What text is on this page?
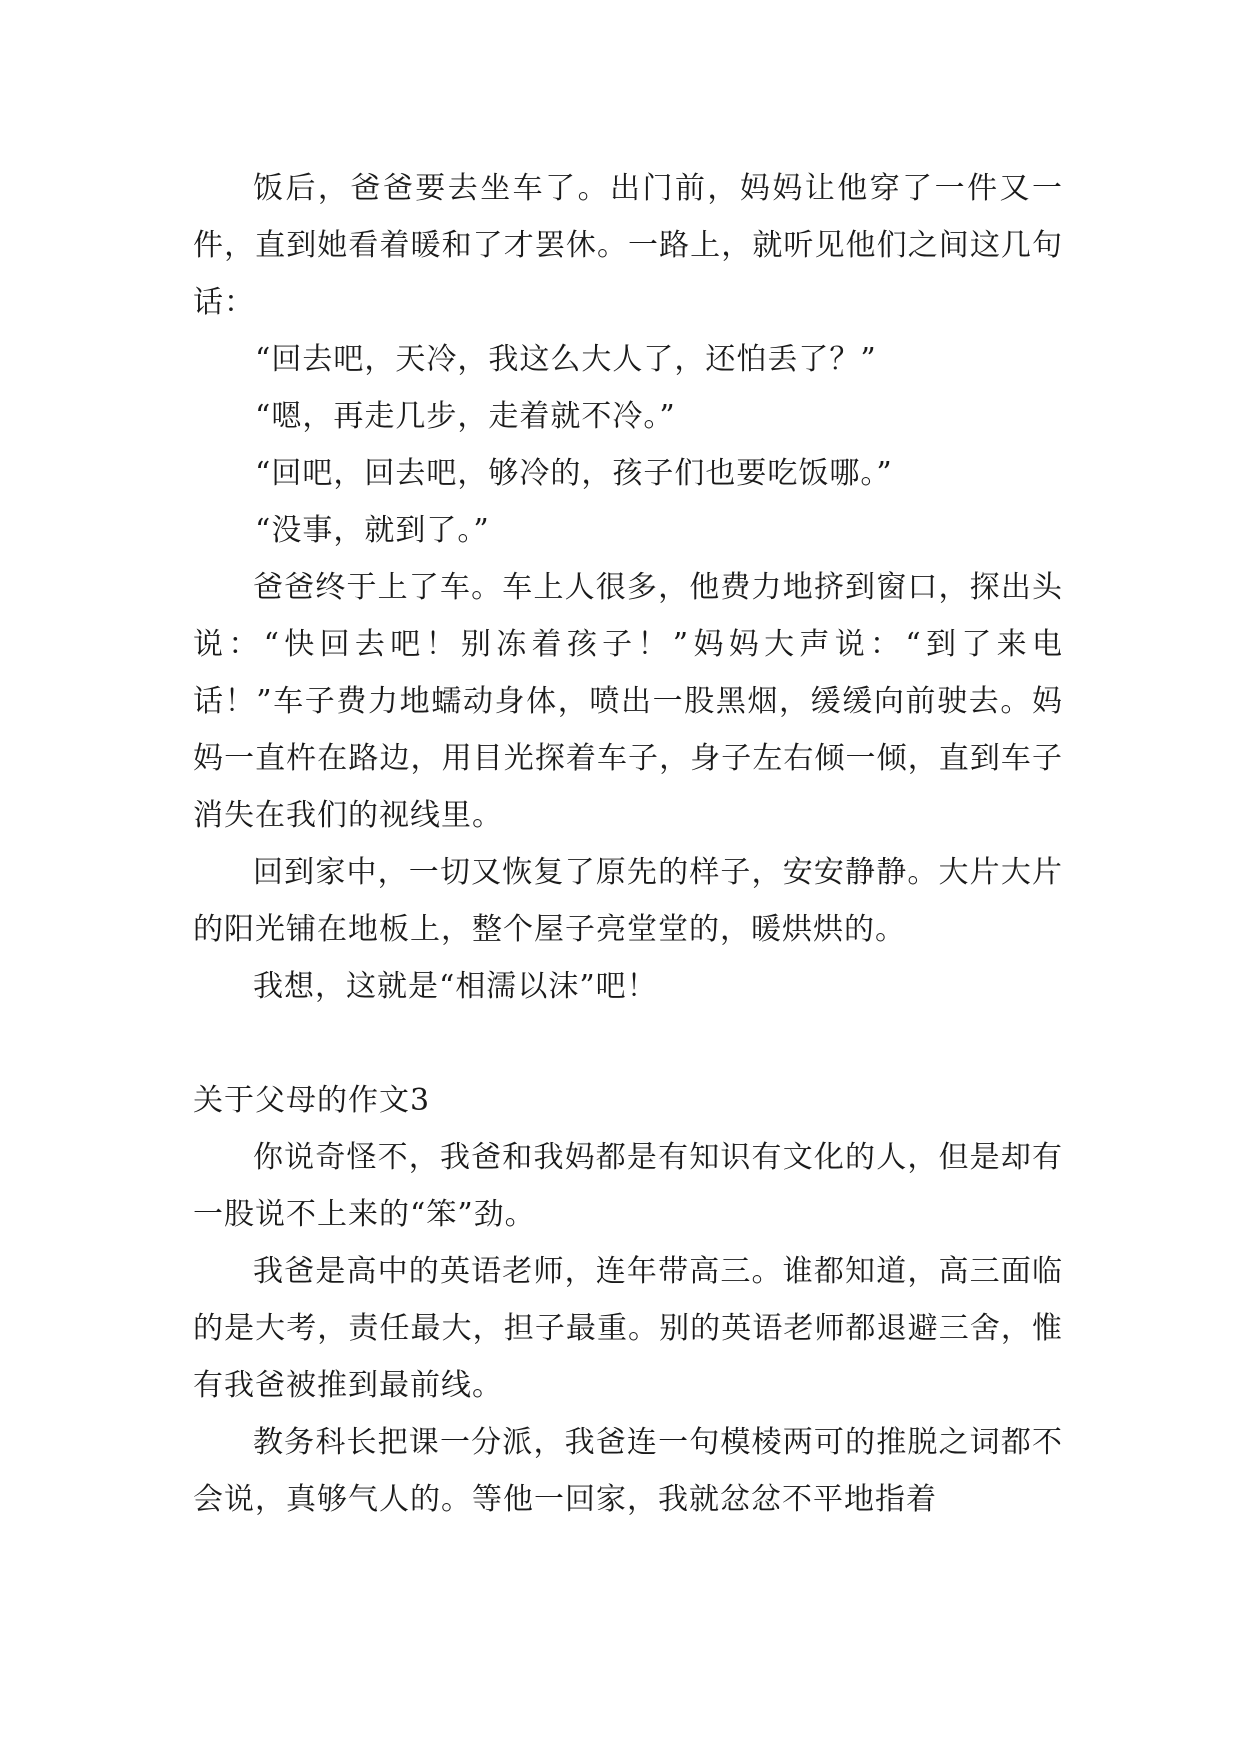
饭后，爸爸要去坐车了。出门前，妈妈让他穿了一件又一件，直到她看着暖和了才罢休。一路上，就听见他们之间这几句话：

“回去吧，天冷，我这么大人了，还怕丢了？”

“嗯，再走几步，走着就不冷。”

“回吧，回去吧，够冷的，孩子们也要吃饭哪。”

“没事，就到了。”

爸爸终于上了车。车上人很多，他费力地挤到窗口，探出头说：“快回去吧！别冻着孩子！”妈妈大声说：“到了来电话！”车子费力地蠕动身体，喷出一股黑烟，缓缓向前驶去。妈妈一直杵在路边，用目光探着车子，身子左右倾一倾，直到车子消失在我们的视线里。

回到家中，一切又恢复了原先的样子，安安静静。大片大片的阳光铺在地板上，整个屋子亮堂堂的，暖烘烘的。

我想，这就是“相濡以沫”吧！

关于父母的作文3

你说奇怪不，我爸和我妈都是有知识有文化的人，但是却有一股说不上来的“笨”劲。

我爸是高中的英语老师，连年带高三。谁都知道，高三面临的是大考，责任最大，担子最重。别的英语老师都退避三舍，惟有我爸被推到最前线。

教务科长把课一分派，我爸连一句模棱两可的推脱之词都不会说，真够气人的。等他一回家，我就忿忿不平地指着
